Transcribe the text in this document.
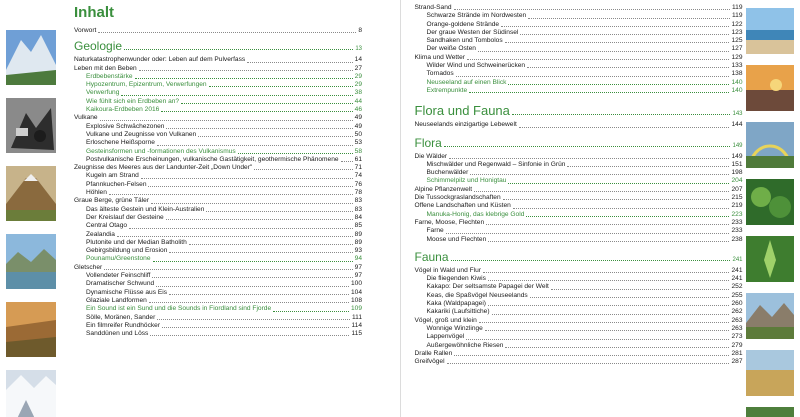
Inhalt
Vorwort	8
Geologie	13
Naturkatastrophenwunder oder: Leben auf dem Pulverfass	14
Leben mit den Beben	27
Erdbebenstärke	29
Hypozentrum, Epizentrum, Verwerfungen	29
Verwerfung	38
Wie fühlt sich ein Erdbeben an?	44
Kaikoura-Erdbeben 2016	46
Vulkane	49
Explosive Schwächezonen	49
Vulkane und Zeugnisse von Vulkanen	50
Erloschene Heißsporne	53
Gesteinsformen und -formationen des Vulkanismus	58
Postvulkanische Erscheinungen, vulkanische Gastätigkeit, geothermische Phänomene 61
Zeugnisse des Meeres aus der Landunter-Zeit „Down Under"	71
Kugeln am Strand	74
Pfannkuchen-Felsen	76
Höhlen	78
Graue Berge, grüne Täler	83
Das älteste Gestein und Klein-Australien	83
Der Kreislauf der Gesteine	84
Central Otago	85
Zealandia	89
Plutonite und der Median Batholith	89
Gebirgsbildung und Erosion	93
Pounamu/Greenstone	94
Gletscher	97
Vollendeter Feinschliff	97
Dramatischer Schwund	100
Dynamische Flüsse aus Eis	104
Glaziale Landformen	108
Ein Sound ist ein Sund und die Sounds in Fiordland sind Fjorde	109
Sölle, Moränen, Sander	111
Ein filmreifer Rundhöcker	114
Sanddünen und Löss	115
Strand-Sand	119
Schwarze Strände im Nordwesten	119
Orange-goldene Strände	122
Der graue Westen der Südinsel	123
Sandhaken und Tombolos	125
Der weiße Osten	127
Klima und Wetter	129
Wilder Wind und Schweinerücken	133
Tornados	138
Neuseeland auf einen Blick	140
Extrempunkte	140
Flora und Fauna	143
Neuseelands einzigartige Lebewelt	144
Flora	149
Die Wälder	149
Mischwälder und Regenwald – Sinfonie in Grün	151
Buchenwälder	198
Schimmelpilz und Honigtau	204
Alpine Pflanzenwelt	207
Die Tussockgraslandschaften	215
Offene Landschaften und Küsten	219
Manuka-Honig, das klebrige Gold	223
Farne, Moose, Flechten	233
Farne	233
Moose und Flechten	238
Fauna	241
Vögel in Wald und Flur	241
Die fliegenden Kiwis	241
Kakapo: Der seltsamste Papagei der Welt	252
Keas, die Spaßvögel Neuseelands	255
Kaka (Waldpapagei)	260
Kakariki (Laufsittiche)	262
Vögel, groß und klein	263
Wonnige Winzlinge	263
Lappenvögel	273
Außergewöhnliche Riesen	279
Dralle Rallen	281
Greifvögel	287
